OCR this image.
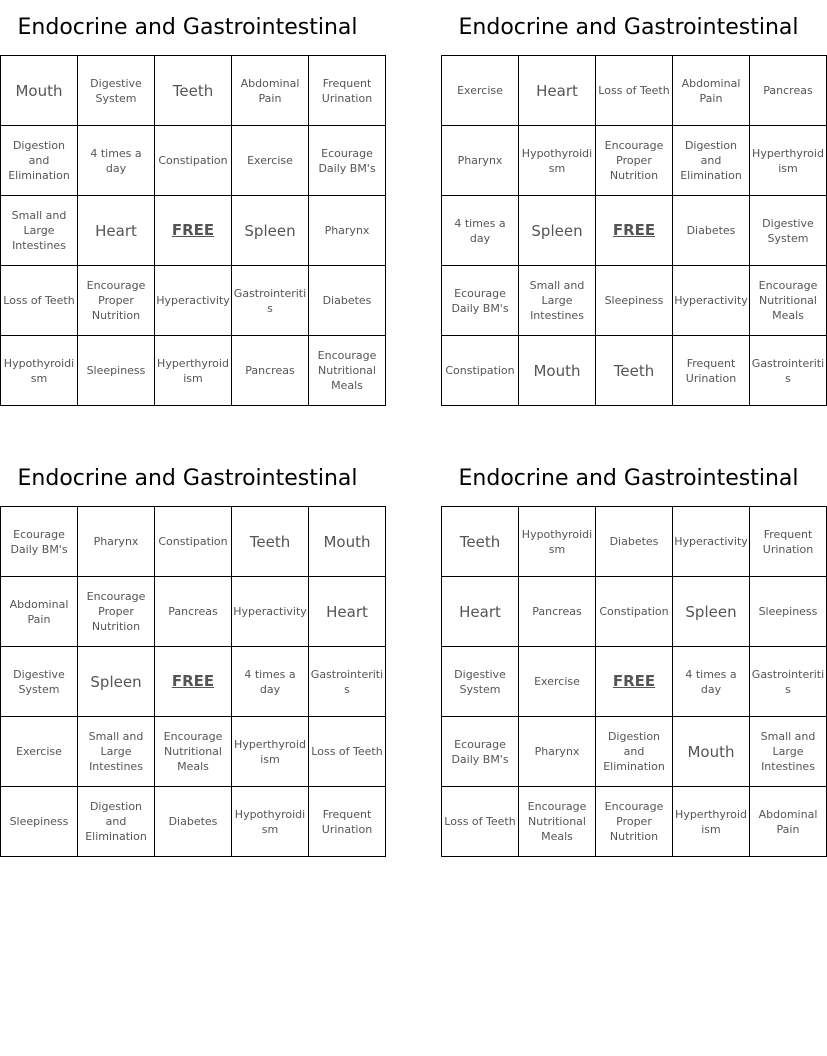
Endocrine and Gastrointestinal
Mouth	Digestive System	Teeth	Abdominal Pain	Frequent Urination
Digestion and Elimination	4 times a day	Constipation	Exercise	Ecourage Daily BM's
Small and Large Intestines	Heart	FREE	Spleen	Pharynx
Loss of Teeth	Encourage Proper Nutrition	Hyperactivity	Gastrointeritis	Diabetes
Hypothyroidism	Sleepiness	Hyperthyroidism	Pancreas	Encourage Nutritional Meals
Endocrine and Gastrointestinal
Exercise	Heart	Loss of Teeth	Abdominal Pain	Pancreas
Pharynx	Hypothyroidism	Encourage Proper Nutrition	Digestion and Elimination	Hyperthyroidism
4 times a day	Spleen	FREE	Diabetes	Digestive System
Ecourage Daily BM's	Small and Large Intestines	Sleepiness	Hyperactivity	Encourage Nutritional Meals
Constipation	Mouth	Teeth	Frequent Urination	Gastrointeritis
Endocrine and Gastrointestinal
Ecourage Daily BM's	Pharynx	Constipation	Teeth	Mouth
Abdominal Pain	Encourage Proper Nutrition	Pancreas	Hyperactivity	Heart
Digestive System	Spleen	FREE	4 times a day	Gastrointeritis
Exercise	Small and Large Intestines	Encourage Nutritional Meals	Hyperthyroidism	Loss of Teeth
Sleepiness	Digestion and Elimination	Diabetes	Hypothyroidism	Frequent Urination
Endocrine and Gastrointestinal
Teeth	Hypothyroidism	Diabetes	Hyperactivity	Frequent Urination
Heart	Pancreas	Constipation	Spleen	Sleepiness
Digestive System	Exercise	FREE	4 times a day	Gastrointeritis
Ecourage Daily BM's	Pharynx	Digestion and Elimination	Mouth	Small and Large Intestines
Loss of Teeth	Encourage Nutritional Meals	Encourage Proper Nutrition	Hyperthyroidism	Abdominal Pain
